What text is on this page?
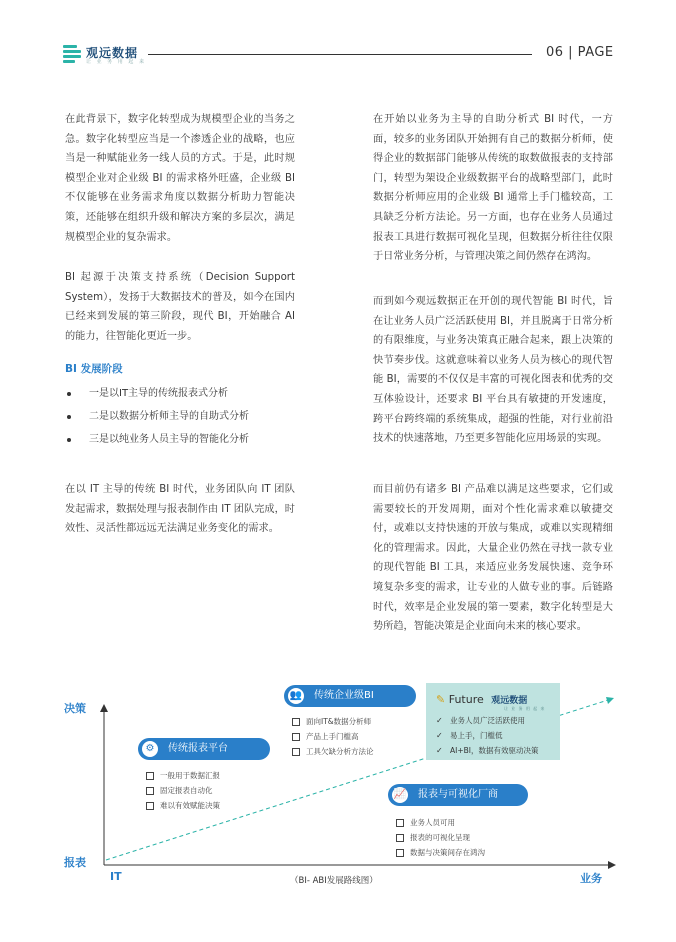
观远数据
让 业 务 用 起 来
06 | PAGE

在此背景下，数字化转型成为规模型企业的当务之急。数字化转型应当是一个渗透企业的战略，也应当是一种赋能业务一线人员的方式。于是，此时规模型企业对企业级 BI 的需求格外旺盛，企业级 BI 不仅能够在业务需求角度以数据分析助力智能决策，还能够在组织升级和解决方案的多层次，满足规模型企业的复杂需求。

BI 起源于决策支持系统（Decision Support System），发扬于大数据技术的普及，如今在国内已经来到发展的第三阶段，现代 BI，开始融合 AI 的能力，往智能化更近一步。

BI 发展阶段
一是以IT主导的传统报表式分析
二是以数据分析师主导的自助式分析
三是以纯业务人员主导的智能化分析

在以 IT 主导的传统 BI 时代，业务团队向 IT 团队发起需求，数据处理与报表制作由 IT 团队完成，时效性、灵活性都远远无法满足业务变化的需求。

在开始以业务为主导的自助分析式 BI 时代，一方面，较多的业务团队开始拥有自己的数据分析师，使得企业的数据部门能够从传统的取数做报表的支持部门，转型为架设企业级数据平台的战略型部门，此时数据分析师应用的企业级 BI 通常上手门槛较高，工具缺乏分析方法论。另一方面，也存在业务人员通过报表工具进行数据可视化呈现，但数据分析往往仅限于日常业务分析，与管理决策之间仍然存在鸿沟。

而到如今观远数据正在开创的现代智能 BI 时代，旨在让业务人员广泛活跃使用 BI，并且脱离于日常分析的有限维度，与业务决策真正融合起来，跟上决策的快节奏步伐。这就意味着以业务人员为核心的现代智能 BI，需要的不仅仅是丰富的可视化图表和优秀的交互体验设计，还要求 BI 平台具有敏捷的开发速度，跨平台跨终端的系统集成，超强的性能，对行业前沿技术的快速落地，乃至更多智能化应用场景的实现。

而目前仍有诸多 BI 产品难以满足这些要求，它们或需要较长的开发周期，面对个性化需求难以敏捷交付，或难以支持快速的开放与集成，或难以实现精细化的管理需求。因此，大量企业仍然在寻找一款专业的现代智能 BI 工具，来适应业务发展快速、竞争环境复杂多变的需求，让专业的人做专业的事。后链路时代，效率是企业发展的第一要素，数字化转型是大势所趋，智能决策是企业面向未来的核心要求。

决策
报表
IT	业务
（BI- ABI发展路线图）
⚙	传统报表平台
一般用于数据汇报
固定报表自动化
难以有效赋能决策
👥 传统企业级BI
面向IT&数据分析师
产品上手门槛高
工具欠缺分析方法论
📈 报表与可视化厂商
业务人员可用
报表的可视化呈现
数据与决策间存在鸿沟
✎ Future 观远数据
让 业 务 用 起 来
✓ 业务人员广泛活跃使用
✓ 易上手，门槛低
✓ AI+BI，数据有效驱动决策
